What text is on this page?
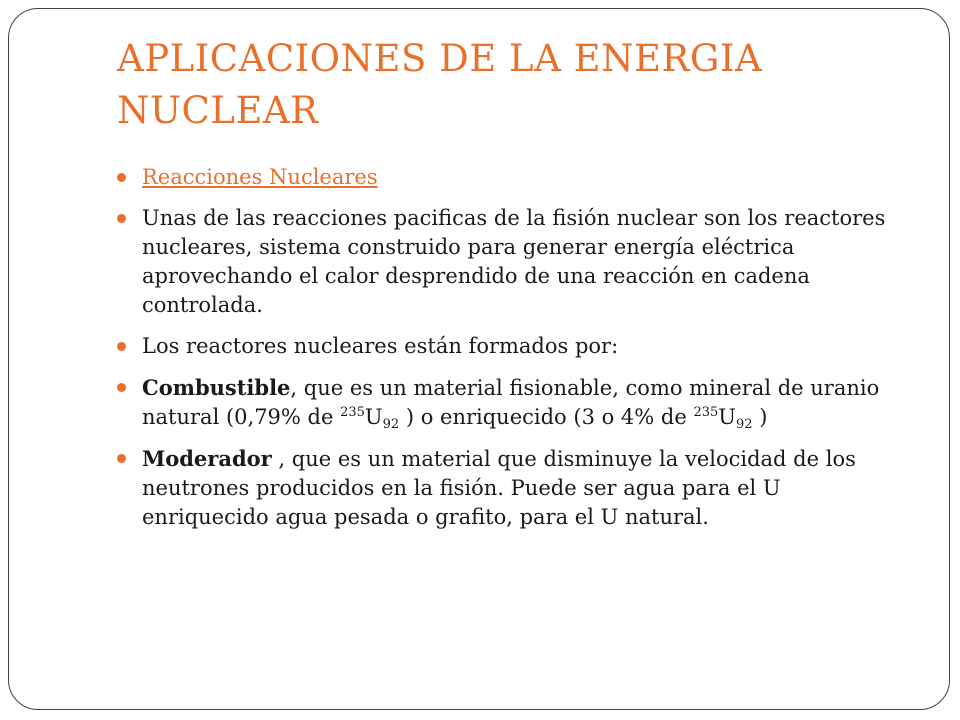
APLICACIONES DE LA ENERGIA NUCLEAR
Reacciones Nucleares
Unas de las reacciones pacificas de la fisión nuclear son los reactores nucleares, sistema construido para generar energía eléctrica aprovechando el calor desprendido de una reacción en cadena controlada.
Los reactores nucleares están formados por:
Combustible, que es un material fisionable, como mineral de uranio natural (0,79% de $^{235}U_{92}$ ) o enriquecido (3 o 4% de $^{235}U_{92}$ )
Moderador , que es un material que disminuye la velocidad de los neutrones producidos en la fisión. Puede ser agua para el U enriquecido agua pesada o grafito, para el U natural.
